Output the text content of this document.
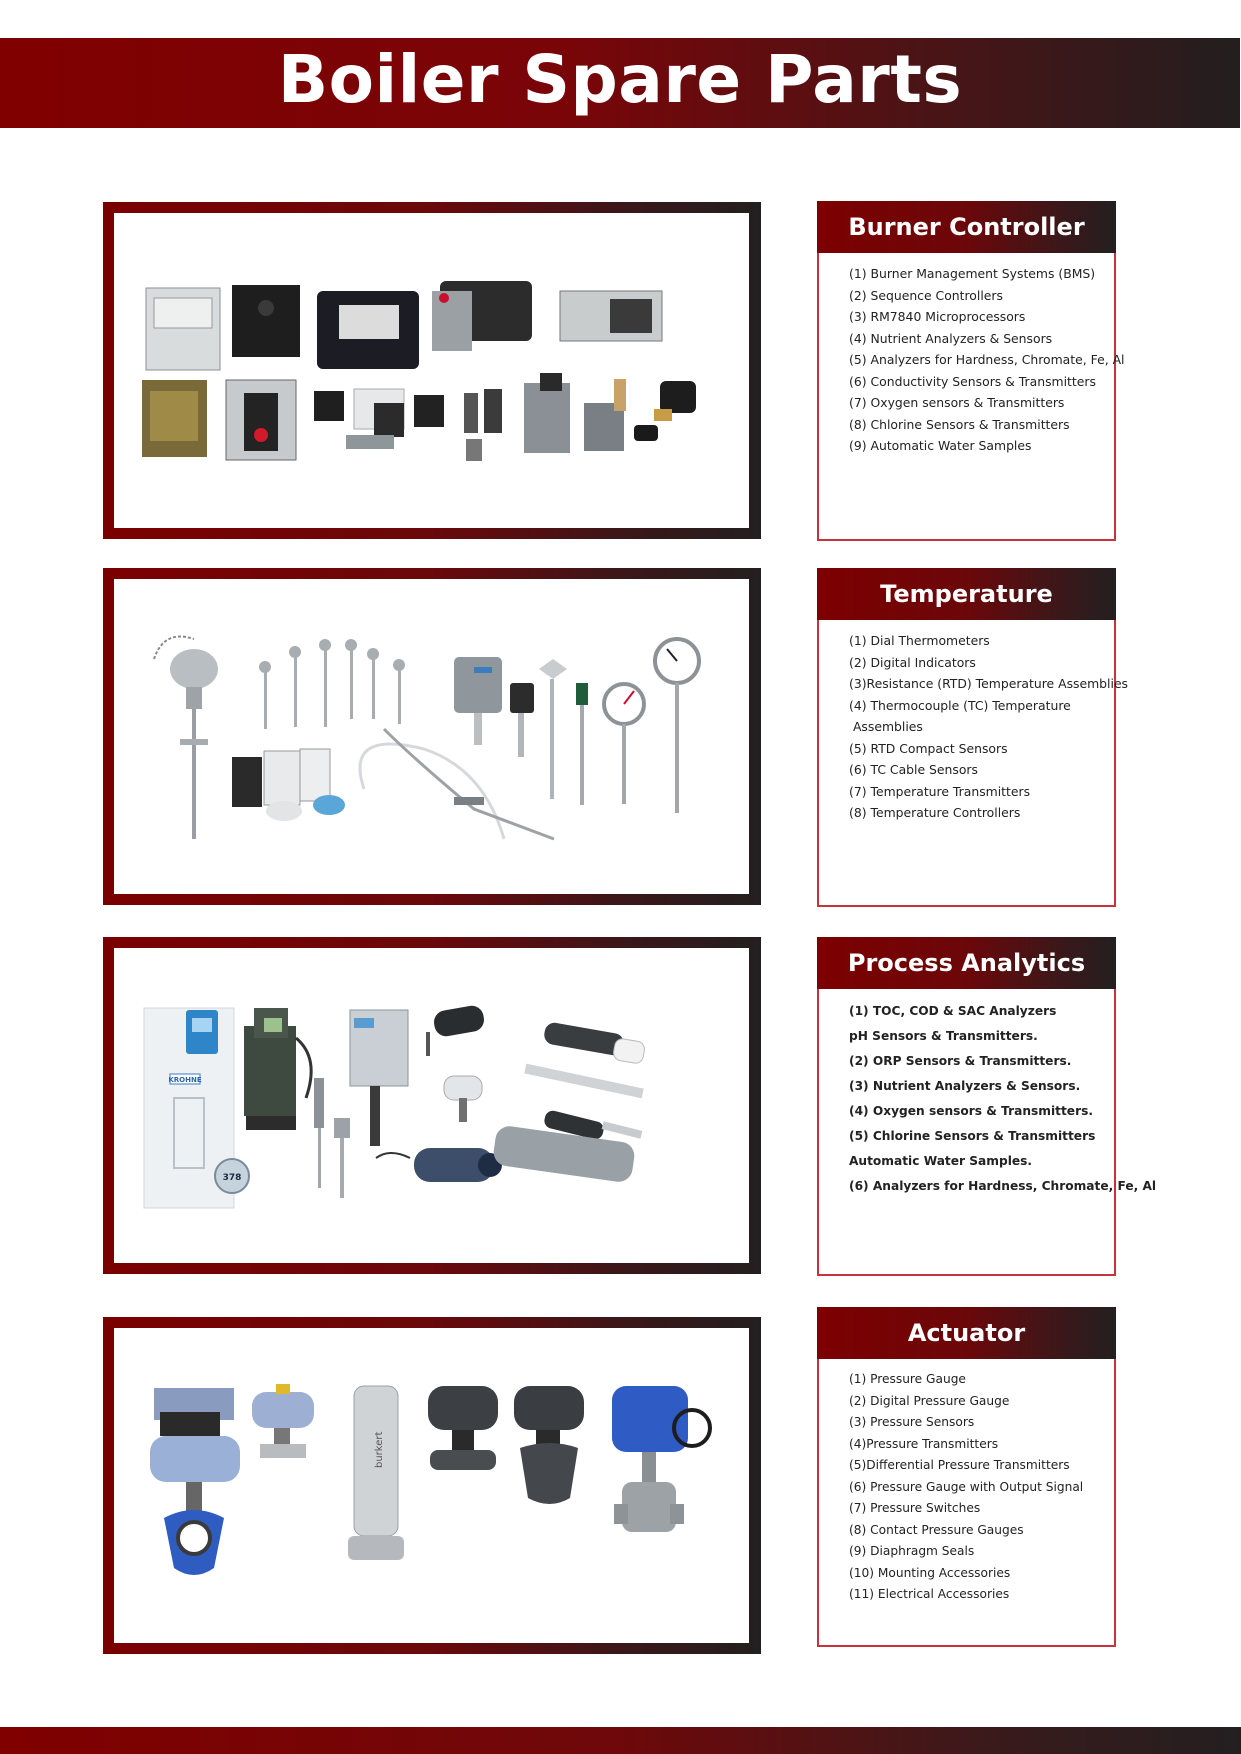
Boiler Spare Parts
Burner Controller
(1) Burner Management Systems (BMS)
(2) Sequence Controllers
(3) RM7840 Microprocessors
(4) Nutrient Analyzers & Sensors
(5) Analyzers for Hardness, Chromate, Fe, Al
(6) Conductivity Sensors & Transmitters
(7) Oxygen sensors & Transmitters
(8) Chlorine Sensors & Transmitters
(9) Automatic Water Samples
Temperature
(1) Dial Thermometers
(2) Digital Indicators
(3)Resistance (RTD) Temperature Assemblies
(4) Thermocouple (TC) Temperature
Assemblies
(5) RTD Compact Sensors
(6) TC Cable Sensors
(7) Temperature Transmitters
(8) Temperature Controllers
KROHNE
378
Process Analytics
(1) TOC, COD & SAC Analyzers
pH Sensors & Transmitters.
(2) ORP Sensors & Transmitters.
(3) Nutrient Analyzers & Sensors.
(4) Oxygen sensors & Transmitters.
(5) Chlorine Sensors & Transmitters
Automatic Water Samples.
(6) Analyzers for Hardness, Chromate, Fe, Al
burkert
Actuator
(1) Pressure Gauge
(2) Digital Pressure Gauge
(3) Pressure Sensors
(4)Pressure Transmitters
(5)Differential Pressure Transmitters
(6) Pressure Gauge with Output Signal
(7) Pressure Switches
(8) Contact Pressure Gauges
(9) Diaphragm Seals
(10) Mounting Accessories
(11) Electrical Accessories
